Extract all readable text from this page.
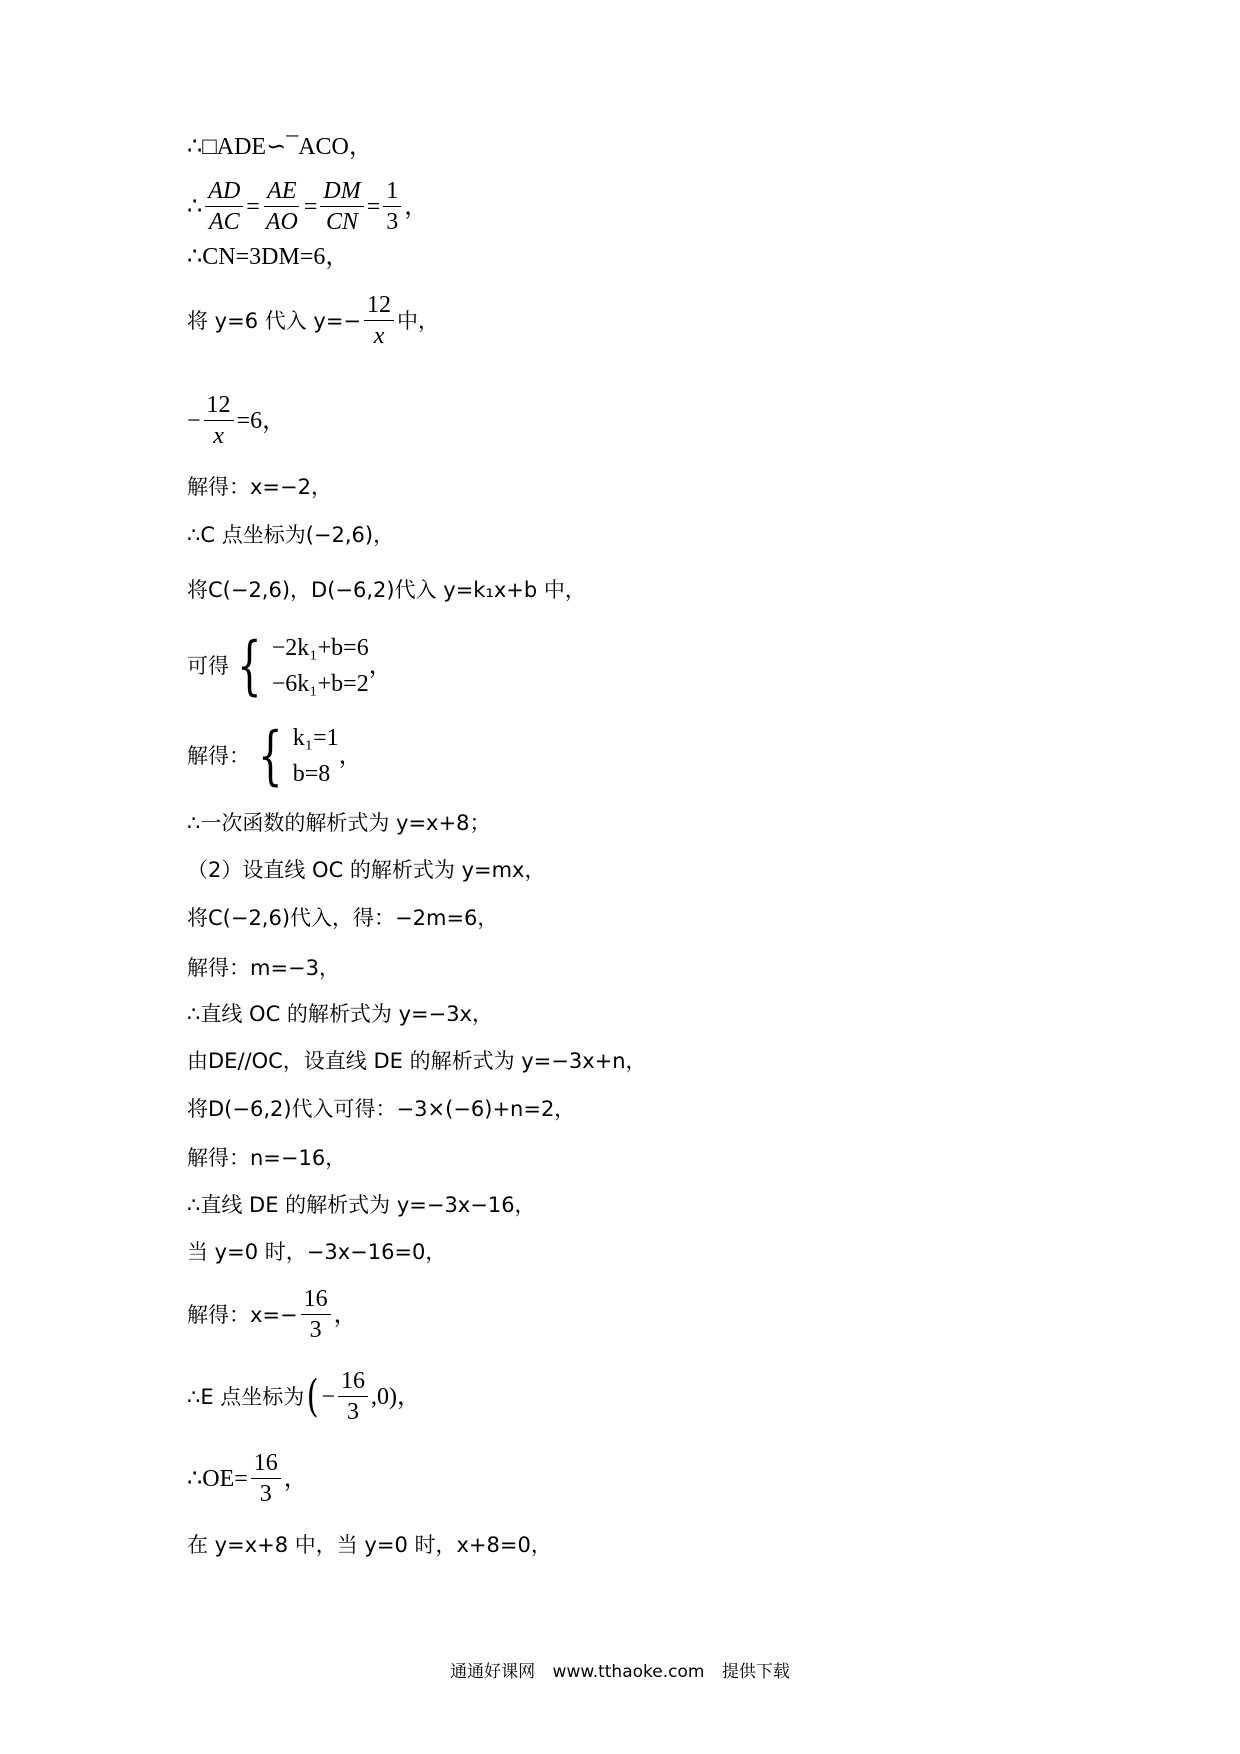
∴□ADE∽¯ACO，
∴ $\frac{AD}{AC} = \frac{AE}{AO} = \frac{DM}{CN} = \frac{1}{3}$ ，
∴CN=3DM=6，
将 y=6 代入 $y=- \frac{12}{x}$ 中，
− $\frac{12}{x} =6$，
解得：x=−2，
∴C 点坐标为(−2,6)，
将C(−2,6)，D(−6,2)代入 y=k₁x+b 中，
可得 { −2k₁+b=6
−6k₁+b=2
，
解得： { k₁=1
b=8
，
∴一次函数的解析式为 y=x+8；
（2）设直线 OC 的解析式为 y=mx，
将C(−2,6)代入，得：−2m=6，
解得：m=−3，
∴直线 OC 的解析式为 y=−3x，
由DE//OC，设直线 DE 的解析式为 y=−3x+n，
将D(−6,2)代入可得：−3×(−6)+n=2，
解得：n=−16，
∴直线 DE 的解析式为 y=−3x−16，
当 y=0 时，−3x−16=0，
解得：$x=- \frac{16}{3}$ ，
∴E 点坐标为 ( − $\frac{16}{3} ,0$)，
∴OE= $\frac{16}{3}$ ，
在 y=x+8 中，当 y=0 时，x+8=0，
通通好课网 www.tthaoke.com 提供下载
